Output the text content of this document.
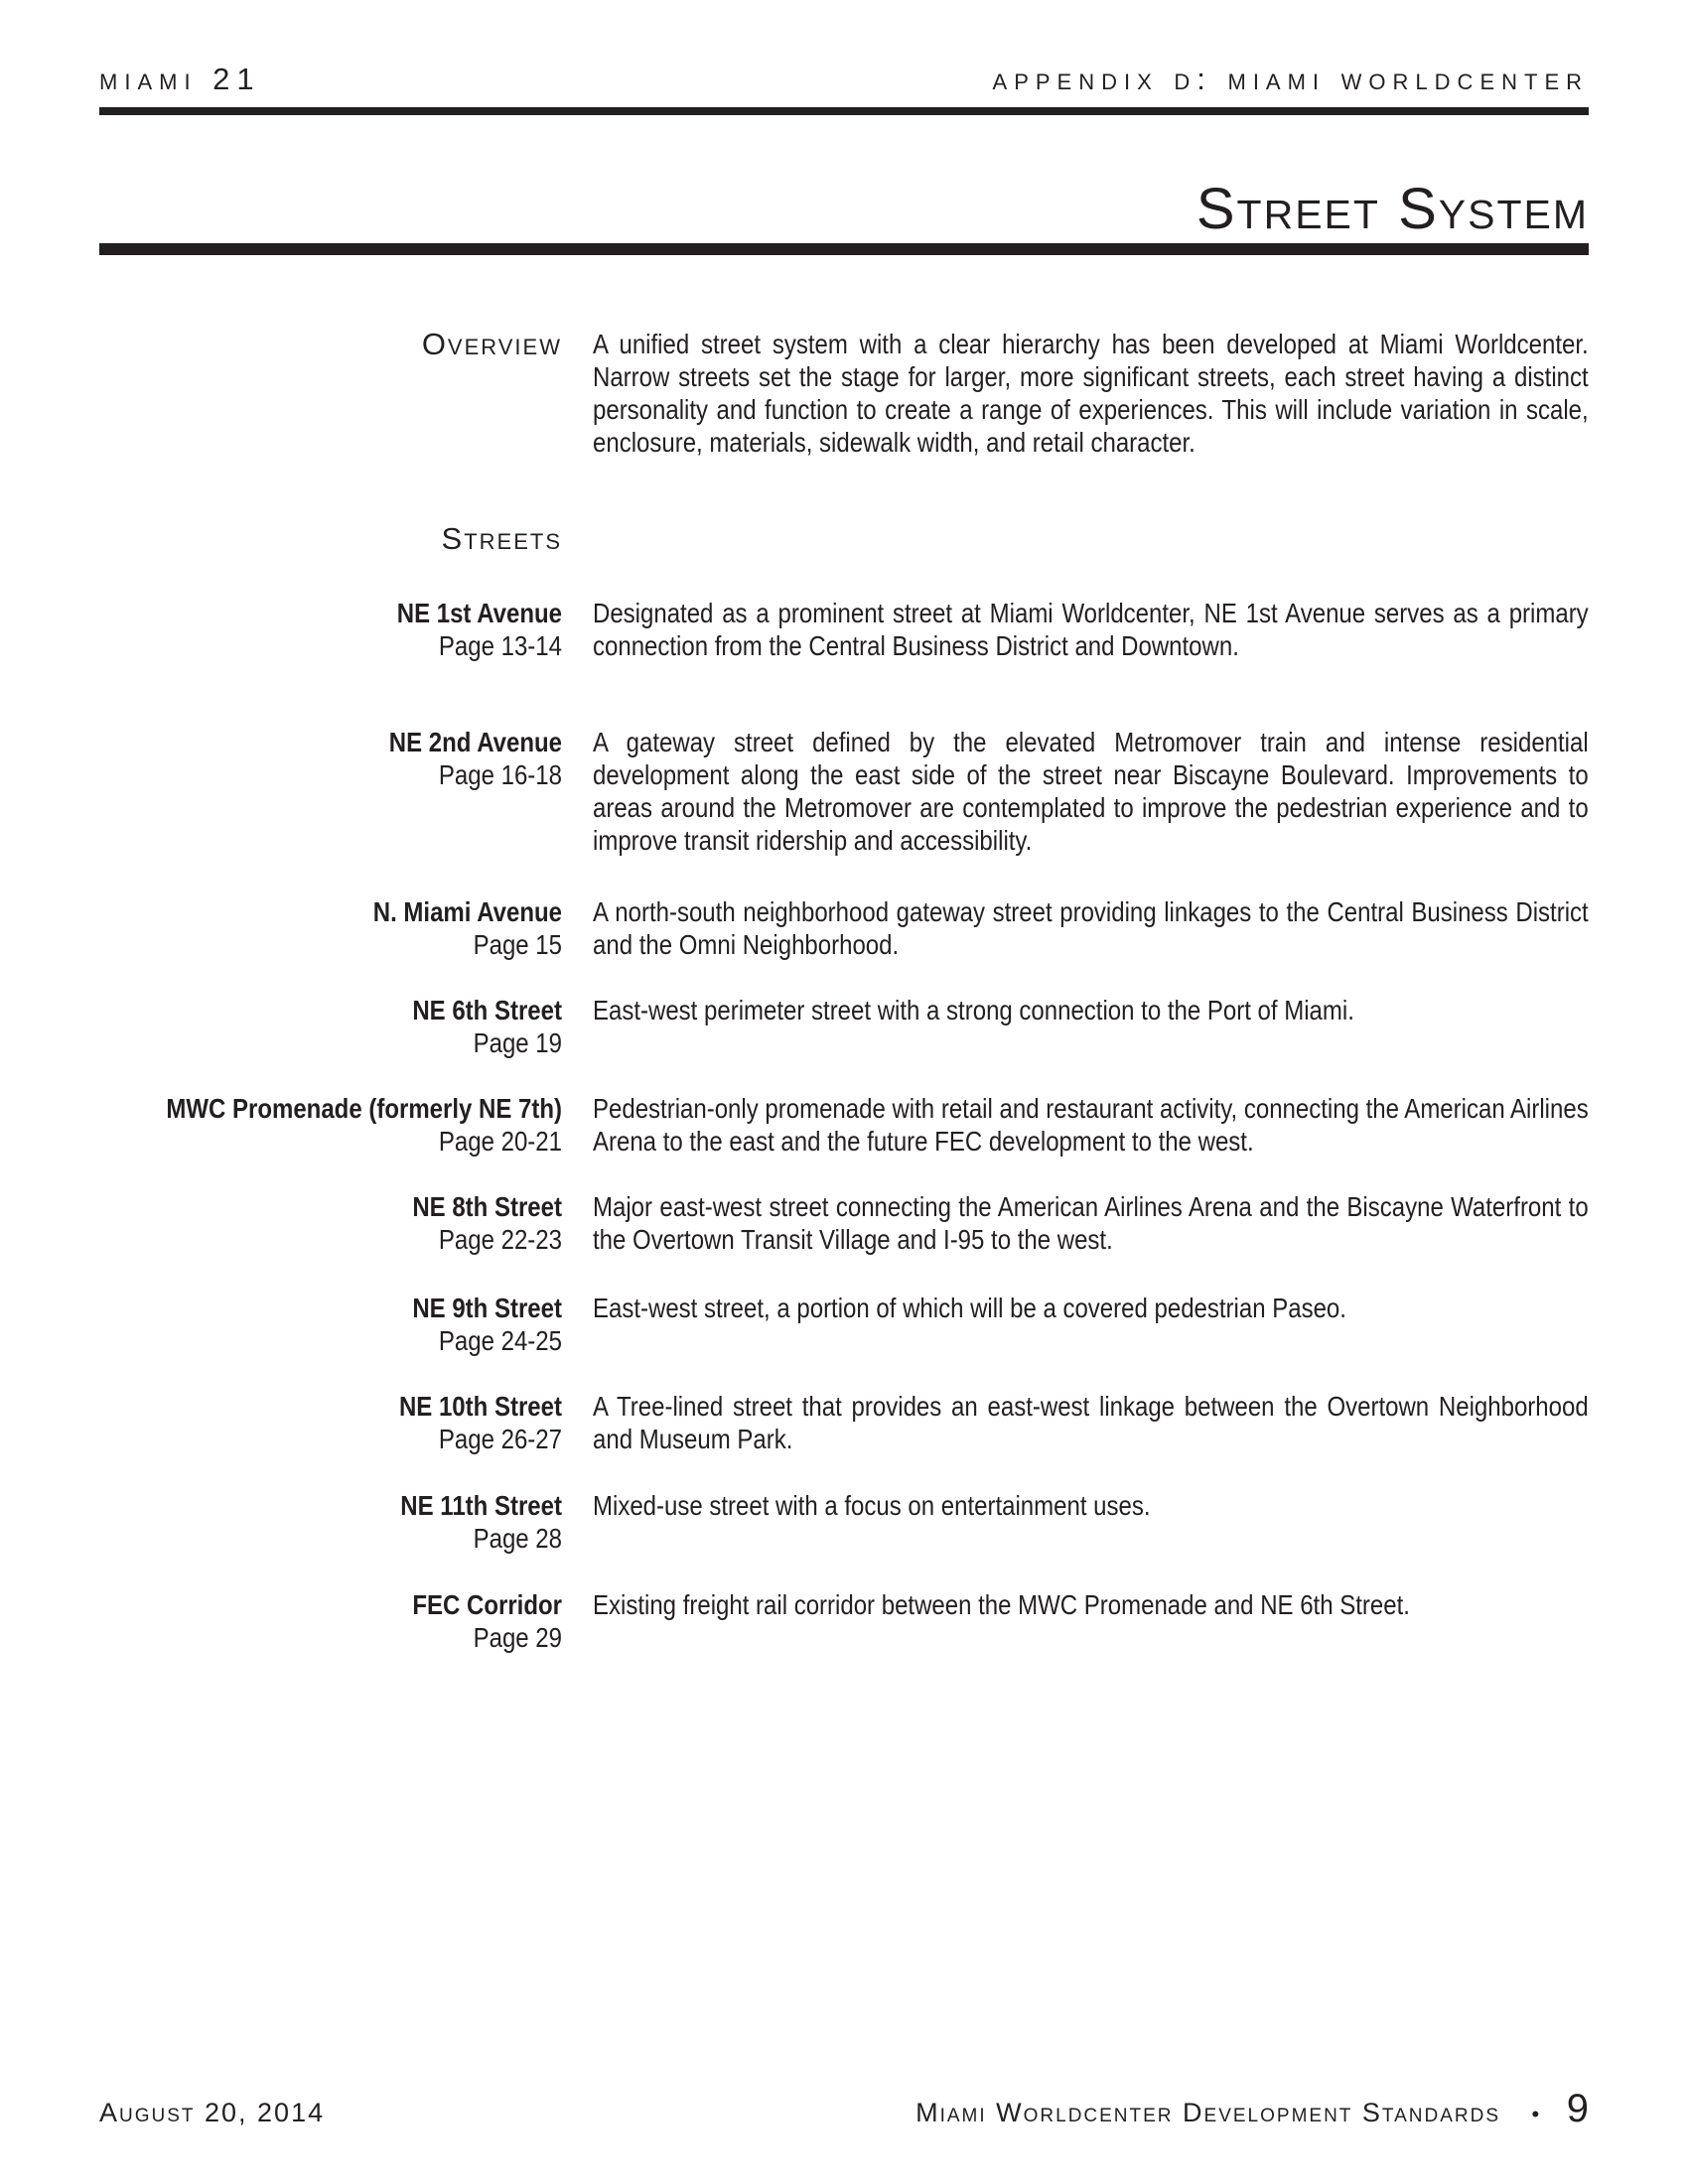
miami 21	appendix d: miami worldcenter
Street System
Overview A unified street system with a clear hierarchy has been developed at Miami Worldcenter. Narrow streets set the stage for larger, more significant streets, each street having a distinct personality and function to create a range of experiences. This will include variation in scale, enclosure, materials, sidewalk width, and retail character.
Streets
NE 1st Avenue
Page 13-14
Designated as a prominent street at Miami Worldcenter, NE 1st Avenue serves as a primary connection from the Central Business District and Downtown.
NE 2nd Avenue
Page 16-18
A gateway street defined by the elevated Metromover train and intense residential development along the east side of the street near Biscayne Boulevard. Improvements to areas around the Metromover are contemplated to improve the pedestrian experience and to improve transit ridership and accessibility.
N. Miami Avenue
Page 15
A north-south neighborhood gateway street providing linkages to the Central Business District and the Omni Neighborhood.
NE 6th Street
Page 19
East-west perimeter street with a strong connection to the Port of Miami.
MWC Promenade (formerly NE 7th)
Page 20-21
Pedestrian-only promenade with retail and restaurant activity, connecting the American Airlines Arena to the east and the future FEC development to the west.
NE 8th Street
Page 22-23
Major east-west street connecting the American Airlines Arena and the Biscayne Waterfront to the Overtown Transit Village and I-95 to the west.
NE 9th Street
Page 24-25
East-west street, a portion of which will be a covered pedestrian Paseo.
NE 10th Street
Page 26-27
A Tree-lined street that provides an east-west linkage between the Overtown Neighborhood and Museum Park.
NE 11th Street
Page 28
Mixed-use street with a focus on entertainment uses.
FEC Corridor
Page 29
Existing freight rail corridor between the MWC Promenade and NE 6th Street.
August 20, 2014	Miami Worldcenter Development Standards • 9
